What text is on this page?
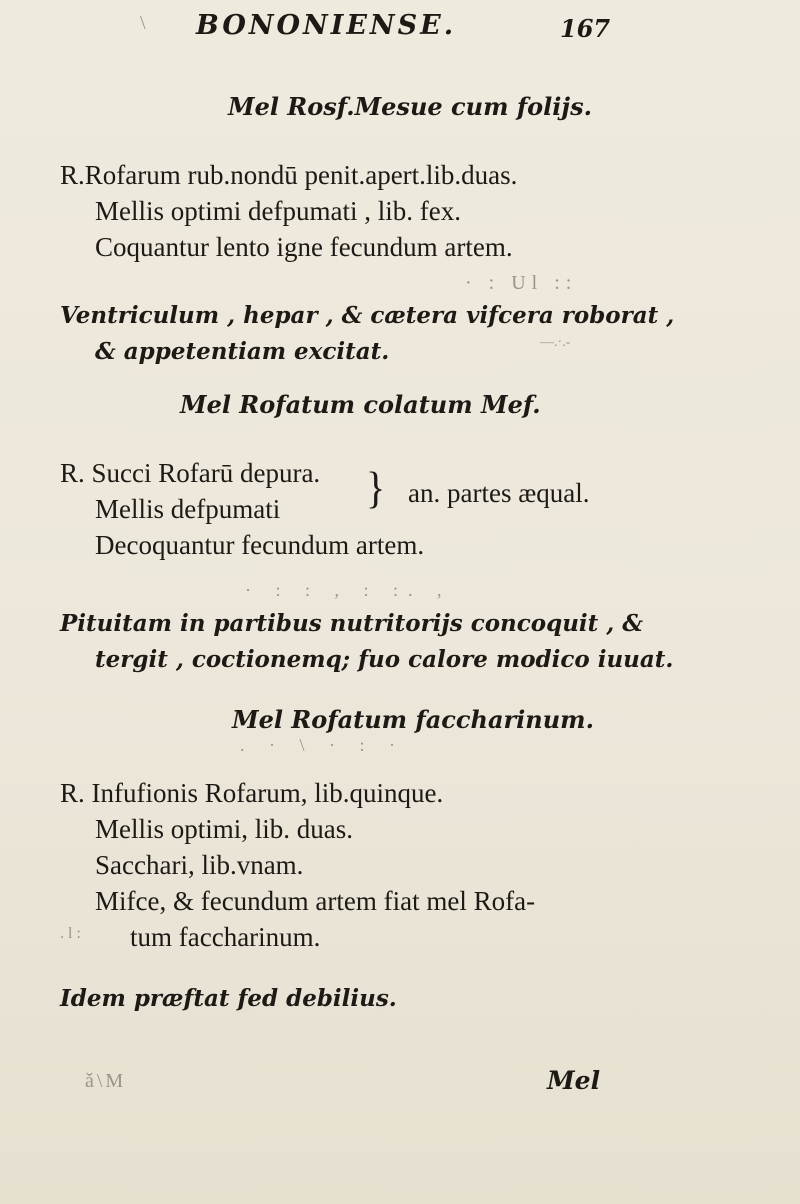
\
· : Ul ::
—.·.-
· : : , : :. ,
. · \ · : ·
.l:
ǎ\M
BONONIENSE.	167
Mel Rosf.Mesue cum folijs.
R.Rofarum rub.nondū penit.apert.lib.duas.
Mellis optimi defpumati , lib. fex.
Coquantur lento igne fecundum artem.
Ventriculum , hepar , & cætera vifcera roborat ,
& appetentiam excitat.
Mel Rofatum colatum Mef.
R. Succi Rofarū depura.
Mellis defpumati } an. partes æqual.
Decoquantur fecundum artem.
Pituitam in partibus nutritorijs concoquit , &
tergit , coctionemq; fuo calore modico iuuat.
Mel Rofatum faccharinum.
R. Infufionis Rofarum, lib.quinque.
Mellis optimi, lib. duas.
Sacchari, lib.vnam.
Mifce, & fecundum artem fiat mel Rofa-
tum faccharinum.
Idem præftat fed debilius.
Mel
